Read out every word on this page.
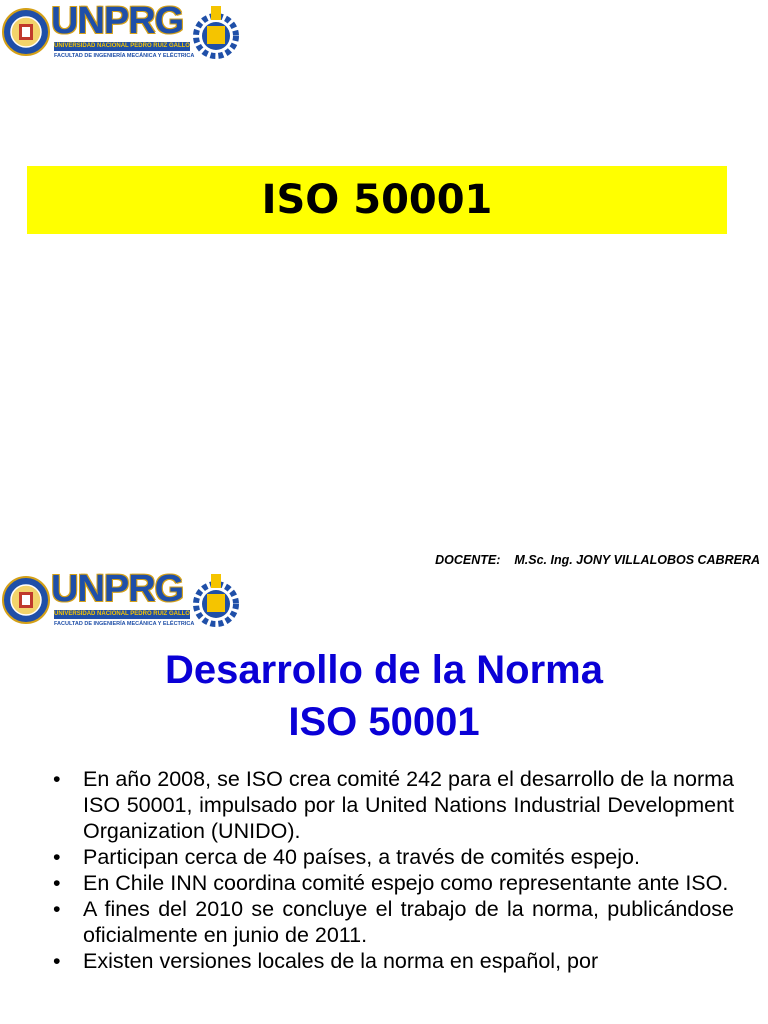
UNPRG
UNIVERSIDAD NACIONAL PEDRO RUIZ GALLO
FACULTAD DE INGENIERÍA MECÁNICA Y ELÉCTRICA
ISO 50001
DOCENTE: M.Sc. Ing. JONY VILLALOBOS CABRERA
UNPRG
UNIVERSIDAD NACIONAL PEDRO RUIZ GALLO
FACULTAD DE INGENIERÍA MECÁNICA Y ELÉCTRICA
Desarrollo de la Norma
ISO 50001
• En año 2008, se ISO crea comité 242 para el desarrollo de la norma ISO 50001, impulsado por la United Nations Industrial Development Organization (UNIDO).
• Participan cerca de 40 países, a través de comités espejo.
• En Chile INN coordina comité espejo como representante ante ISO.
• A fines del 2010 se concluye el trabajo de la norma, publicándose oficialmente en junio de 2011.
• Existen versiones locales de la norma en español, por
